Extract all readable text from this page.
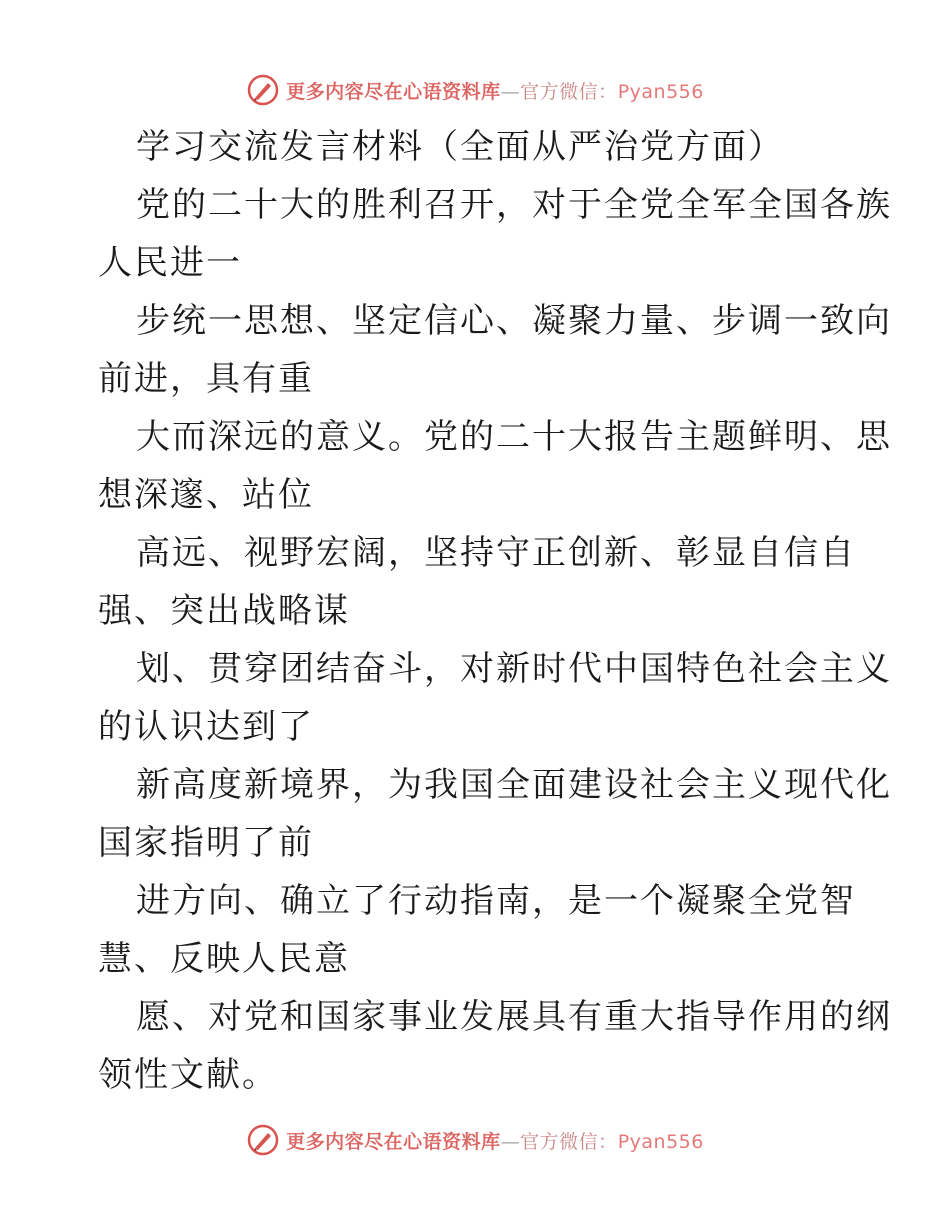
更多内容尽在心语资料库—官方微信：Pyan556
学习交流发言材料（全面从严治党方面）
党的二十大的胜利召开，对于全党全军全国各族
人民进一
步统一思想、坚定信心、凝聚力量、步调一致向
前进，具有重
大而深远的意义。党的二十大报告主题鲜明、思
想深邃、站位
高远、视野宏阔，坚持守正创新、彰显自信自
强、突出战略谋
划、贯穿团结奋斗，对新时代中国特色社会主义
的认识达到了
新高度新境界，为我国全面建设社会主义现代化
国家指明了前
进方向、确立了行动指南，是一个凝聚全党智
慧、反映人民意
愿、对党和国家事业发展具有重大指导作用的纲
领性文献。
更多内容尽在心语资料库—官方微信：Pyan556
